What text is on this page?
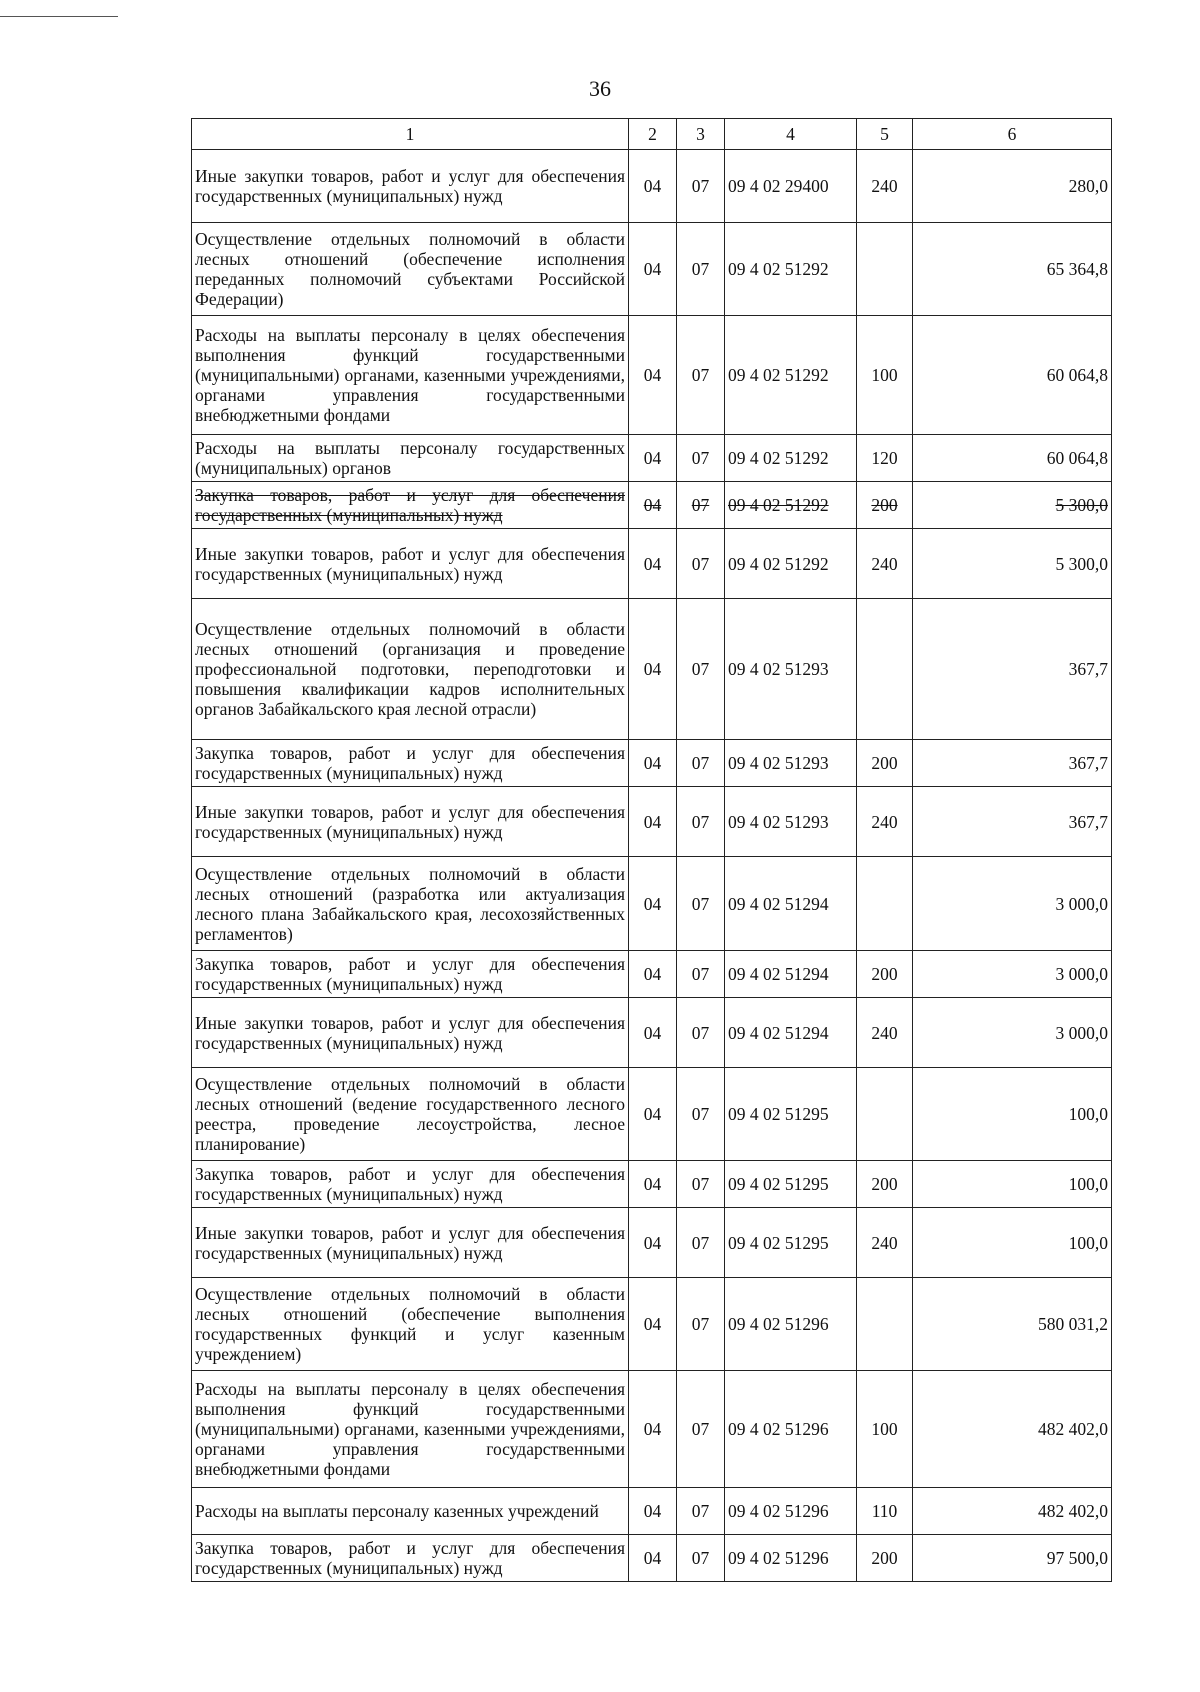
36
1	2	3	4	5	6
Иные закупки товаров, работ и услуг для обеспечения государственных (муниципальных) нужд	04	07	09 4 02 29400	240	280,0
Осуществление отдельных полномочий в области лесных отношений (обеспечение исполнения переданных полномочий субъектами Российской Федерации)	04	07	09 4 02 51292		65 364,8
Расходы на выплаты персоналу в целях обеспечения выполнения функций государственными (муниципальными) органами, казенными учреждениями, органами управления государственными внебюджетными фондами	04	07	09 4 02 51292	100	60 064,8
Расходы на выплаты персоналу государственных (муниципальных) органов	04	07	09 4 02 51292	120	60 064,8
Закупка товаров, работ и услуг для обеспечения государственных (муниципальных) нужд	04	07	09 4 02 51292	200	5 300,0
Иные закупки товаров, работ и услуг для обеспечения государственных (муниципальных) нужд	04	07	09 4 02 51292	240	5 300,0
Осуществление отдельных полномочий в области лесных отношений (организация и проведение профессиональной подготовки, переподготовки и повышения квалификации кадров исполнительных органов Забайкальского края лесной отрасли)	04	07	09 4 02 51293		367,7
Закупка товаров, работ и услуг для обеспечения государственных (муниципальных) нужд	04	07	09 4 02 51293	200	367,7
Иные закупки товаров, работ и услуг для обеспечения государственных (муниципальных) нужд	04	07	09 4 02 51293	240	367,7
Осуществление отдельных полномочий в области лесных отношений (разработка или актуализация лесного плана Забайкальского края, лесохозяйственных регламентов)	04	07	09 4 02 51294		3 000,0
Закупка товаров, работ и услуг для обеспечения государственных (муниципальных) нужд	04	07	09 4 02 51294	200	3 000,0
Иные закупки товаров, работ и услуг для обеспечения государственных (муниципальных) нужд	04	07	09 4 02 51294	240	3 000,0
Осуществление отдельных полномочий в области лесных отношений (ведение государственного лесного реестра, проведение лесоустройства, лесное планирование)	04	07	09 4 02 51295		100,0
Закупка товаров, работ и услуг для обеспечения государственных (муниципальных) нужд	04	07	09 4 02 51295	200	100,0
Иные закупки товаров, работ и услуг для обеспечения государственных (муниципальных) нужд	04	07	09 4 02 51295	240	100,0
Осуществление отдельных полномочий в области лесных отношений (обеспечение выполнения государственных функций и услуг казенным учреждением)	04	07	09 4 02 51296		580 031,2
Расходы на выплаты персоналу в целях обеспечения выполнения функций государственными (муниципальными) органами, казенными учреждениями, органами управления государственными внебюджетными фондами	04	07	09 4 02 51296	100	482 402,0
Расходы на выплаты персоналу казенных учреждений	04	07	09 4 02 51296	110	482 402,0
Закупка товаров, работ и услуг для обеспечения государственных (муниципальных) нужд	04	07	09 4 02 51296	200	97 500,0
